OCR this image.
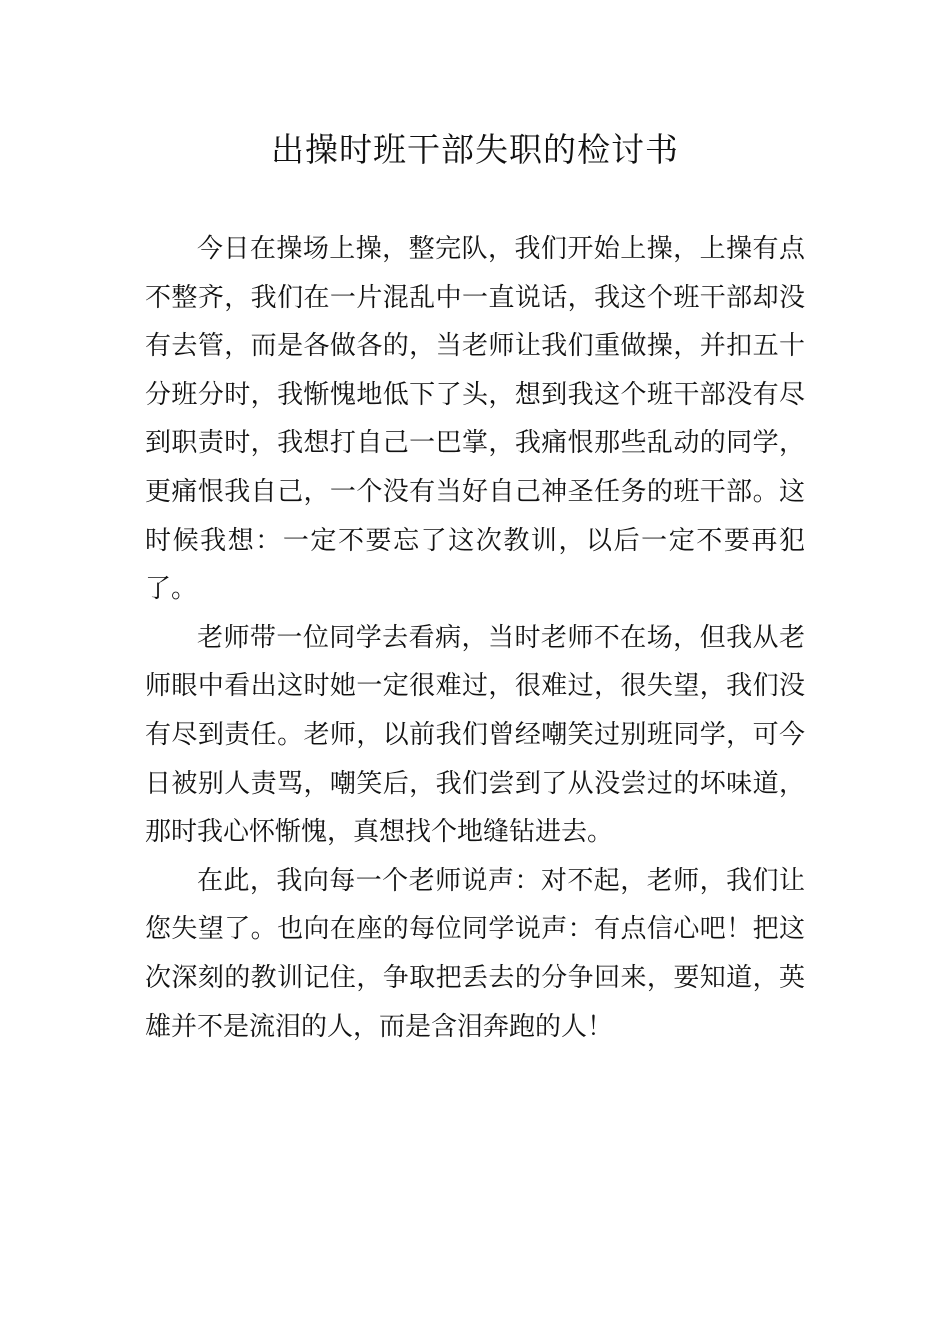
出操时班干部失职的检讨书

今日在操场上操，整完队，我们开始上操，上操有点不整齐，我们在一片混乱中一直说话，我这个班干部却没有去管，而是各做各的，当老师让我们重做操，并扣五十分班分时，我惭愧地低下了头，想到我这个班干部没有尽到职责时，我想打自己一巴掌，我痛恨那些乱动的同学，更痛恨我自己，一个没有当好自己神圣任务的班干部。这时候我想：一定不要忘了这次教训，以后一定不要再犯了。

老师带一位同学去看病，当时老师不在场，但我从老师眼中看出这时她一定很难过，很难过，很失望，我们没有尽到责任。老师，以前我们曾经嘲笑过别班同学，可今日被别人责骂，嘲笑后，我们尝到了从没尝过的坏味道，那时我心怀惭愧，真想找个地缝钻进去。

在此，我向每一个老师说声：对不起，老师，我们让您失望了。也向在座的每位同学说声：有点信心吧！把这次深刻的教训记住，争取把丢去的分争回来，要知道，英雄并不是流泪的人，而是含泪奔跑的人！
